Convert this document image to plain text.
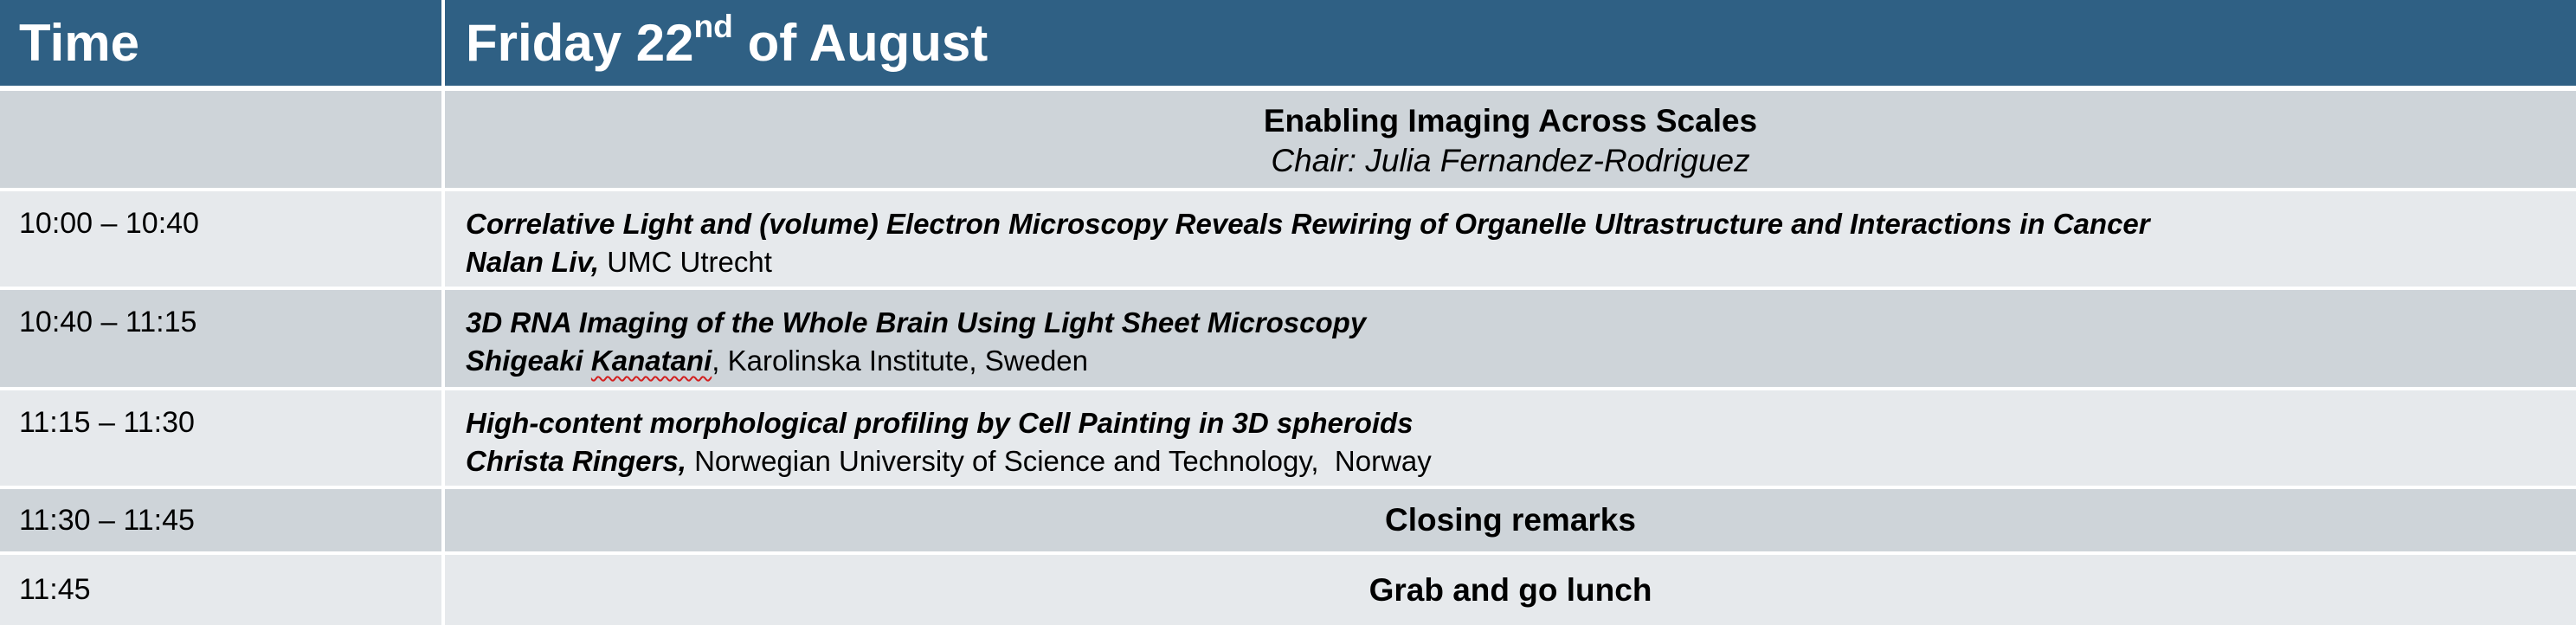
Time	Friday 22nd of August
Enabling Imaging Across Scales
Chair: Julia Fernandez-Rodriguez
10:00 – 10:40	Correlative Light and (volume) Electron Microscopy Reveals Rewiring of Organelle Ultrastructure and Interactions in Cancer
Nalan Liv, UMC Utrecht
10:40 – 11:15	3D RNA Imaging of the Whole Brain Using Light Sheet Microscopy
Shigeaki Kanatani, Karolinska Institute, Sweden
11:15 – 11:30	High-content morphological profiling by Cell Painting in 3D spheroids
Christa Ringers, Norwegian University of Science and Technology,  Norway
11:30 – 11:45	Closing remarks
11:45	Grab and go lunch
